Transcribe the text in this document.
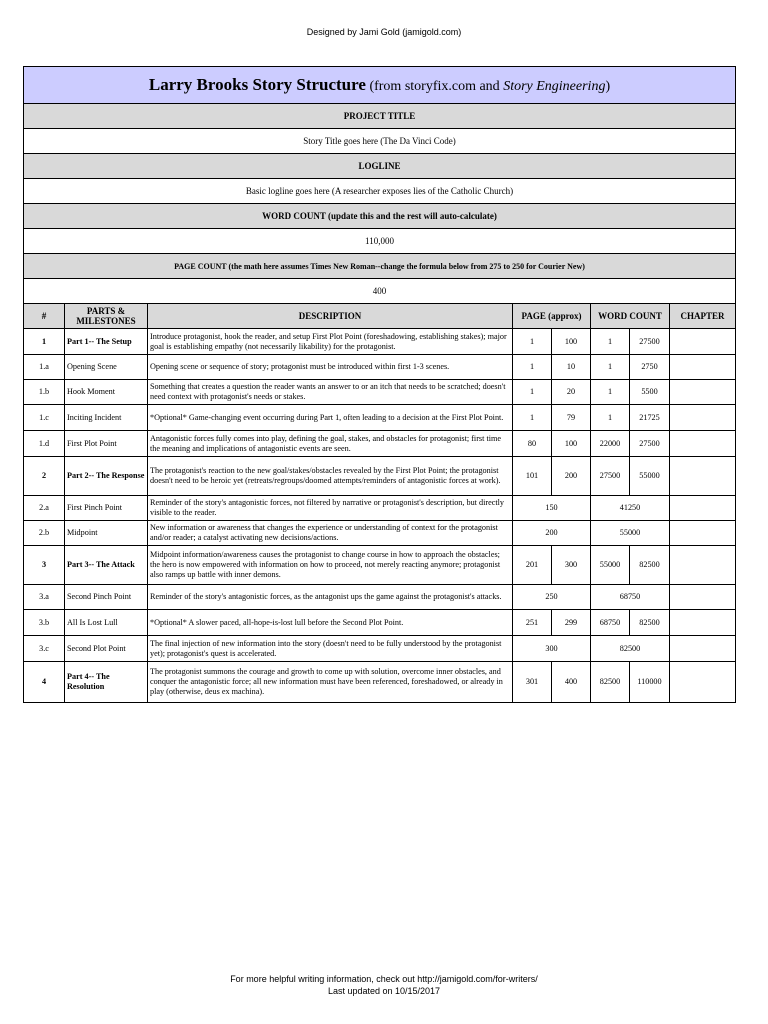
Designed by Jami Gold (jamigold.com)
Larry Brooks Story Structure (from storyfix.com and Story Engineering)							
PROJECT TITLE							
Story Title goes here (The Da Vinci Code)							
LOGLINE							
Basic logline goes here (A researcher exposes lies of the Catholic Church)							
WORD COUNT (update this and the rest will auto-calculate)							
110,000							
PAGE COUNT (the math here assumes Times New Roman--change the formula below from 275 to 250 for Courier New)							
400							
#	PARTS & MILESTONES	DESCRIPTION	PAGE (approx)		WORD COUNT		CHAPTER
1	Part 1-- The Setup	Introduce protagonist, hook the reader, and setup First Plot Point (foreshadowing, establishing stakes); major goal is establishing empathy (not necessarily likability) for the protagonist.	1	100	1	27500	
1.a	Opening Scene	Opening scene or sequence of story; protagonist must be introduced within first 1-3 scenes.	1	10	1	2750	
1.b	Hook Moment	Something that creates a question the reader wants an answer to or an itch that needs to be scratched; doesn't need context with protagonist's needs or stakes.	1	20	1	5500	
1.c	Inciting Incident	*Optional* Game-changing event occurring during Part 1, often leading to a decision at the First Plot Point.	1	79	1	21725	
1.d	First Plot Point	Antagonistic forces fully comes into play, defining the goal, stakes, and obstacles for protagonist; first time the meaning and implications of antagonistic events are seen.	80	100	22000	27500	
2	Part 2-- The Response	The protagonist's reaction to the new goal/stakes/obstacles revealed by the First Plot Point; the protagonist doesn't need to be heroic yet (retreats/regroups/doomed attempts/reminders of antagonistic forces at work).	101	200	27500	55000	
2.a	First Pinch Point	Reminder of the story's antagonistic forces, not filtered by narrative or protagonist's description, but directly visible to the reader.	150		41250		
2.b	Midpoint	New information or awareness that changes the experience or understanding of context for the protagonist and/or reader; a catalyst activating new decisions/actions.	200		55000		
3	Part 3-- The Attack	Midpoint information/awareness causes the protagonist to change course in how to approach the obstacles; the hero is now empowered with information on how to proceed, not merely reacting anymore; protagonist also ramps up battle with inner demons.	201	300	55000	82500	
3.a	Second Pinch Point	Reminder of the story's antagonistic forces, as the antagonist ups the game against the protagonist's attacks.	250		68750		
3.b	All Is Lost Lull	*Optional* A slower paced, all-hope-is-lost lull before the Second Plot Point.	251	299	68750	82500	
3.c	Second Plot Point	The final injection of new information into the story (doesn't need to be fully understood by the protagonist yet); protagonist's quest is accelerated.	300		82500		
4	Part 4-- The Resolution	The protagonist summons the courage and growth to come up with solution, overcome inner obstacles, and conquer the antagonistic force; all new information must have been referenced, foreshadowed, or already in play (otherwise, deus ex machina).	301	400	82500	110000	
For more helpful writing information, check out http://jamigold.com/for-writers/
Last updated on 10/15/2017
